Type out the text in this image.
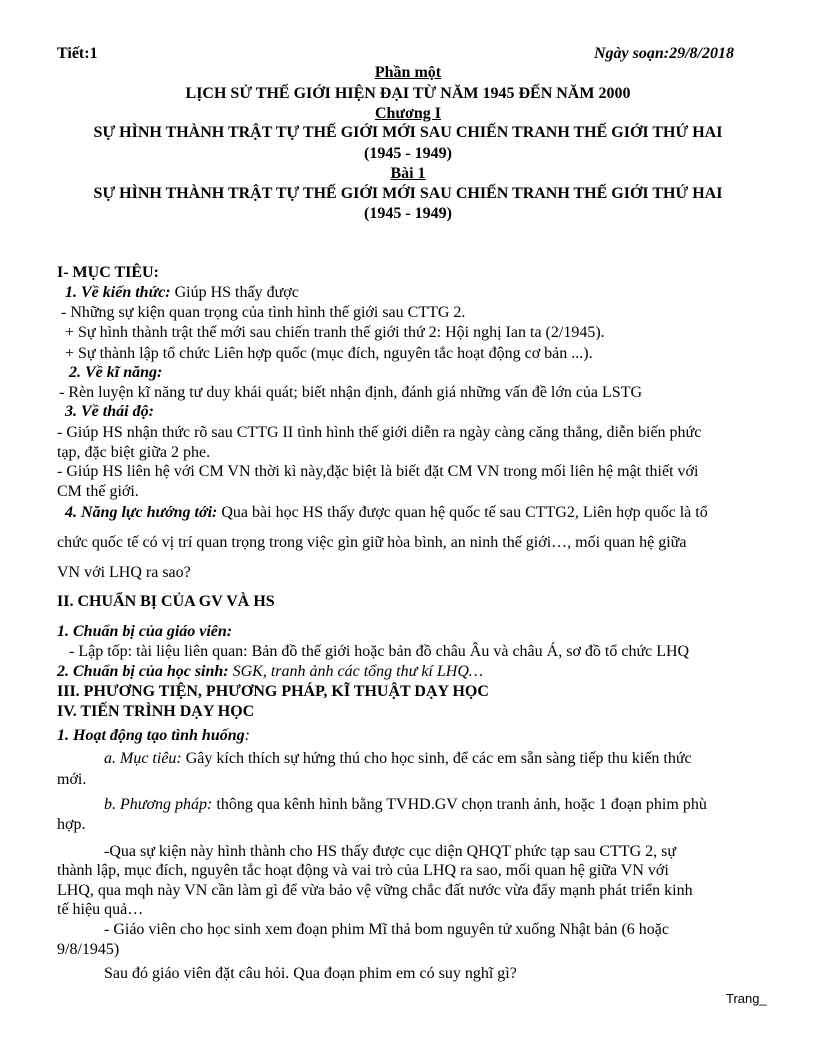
Tiết:1	Ngày soạn:29/8/2018
Phần một
LỊCH SỬ THẾ GIỚI HIỆN ĐẠI TỪ NĂM 1945 ĐẾN NĂM 2000
Chương I
SỰ HÌNH THÀNH TRẬT TỰ THẾ GIỚI MỚI SAU CHIẾN TRANH THẾ GIỚI THỨ HAI
(1945 - 1949)
Bài 1
SỰ HÌNH THÀNH TRẬT TỰ THẾ GIỚI MỚI SAU CHIẾN TRANH THẾ GIỚI THỨ HAI
(1945 - 1949)
I- MỤC TIÊU:
1. Về kiến thức: Giúp HS thấy được
- Những sự kiện quan trọng của tình hình thế giới sau CTTG 2.
+ Sự hình thành trật thế mới sau chiến tranh thế giới thứ 2: Hội nghị Ian ta (2/1945).
+ Sự thành lập tổ chức Liên hợp quốc (mục đích, nguyên tắc hoạt động cơ bản ...).
2. Về kĩ năng:
- Rèn luyện kĩ năng tư duy khái quát; biết nhận định, đánh giá những vấn đề lớn của LSTG
3. Về thái độ:
- Giúp HS nhận thức rõ sau CTTG II tình hình thế giới diễn ra ngày càng căng thẳng, diễn biến phức
tạp, đặc biệt giữa 2 phe.
- Giúp HS liên hệ với CM VN thời kì này,đặc biệt là biết đặt CM VN trong mối liên hệ mật thiết với
CM thế giới.
4. Năng lực hướng tới: Qua bài học HS thấy được quan hệ quốc tế sau CTTG2, Liên hợp quốc là tổ
chức quốc tế có vị trí quan trọng trong việc gìn giữ hòa bình, an ninh thế giới…, mối quan hệ giữa
VN với LHQ ra sao?
II. CHUẨN BỊ CỦA GV VÀ HS
1. Chuẩn bị của giáo viên:
- Lập tốp: tài liệu liên quan: Bản đồ thế giới hoặc bản đồ châu Âu và châu Á, sơ đồ tổ chức LHQ
2. Chuẩn bị của học sinh: SGK, tranh ảnh các tổng thư kí LHQ…
III. PHƯƠNG TIỆN, PHƯƠNG PHÁP, KĨ THUẬT DẠY HỌC
IV. TIẾN TRÌNH DẠY HỌC
1. Hoạt động tạo tình huống:
a. Mục tiêu: Gây kích thích sự hứng thú cho học sinh, để các em sẵn sàng tiếp thu kiến thức
mới.
b. Phương pháp: thông qua kênh hình bằng TVHD.GV chọn tranh ảnh, hoặc 1 đoạn phim phù
hợp.
-Qua sự kiện này hình thành cho HS thấy được cục diện QHQT phức tạp sau CTTG 2, sự
thành lập, mục đích, nguyên tắc hoạt động và vai trò của LHQ ra sao, mối quan hệ giữa VN với
LHQ, qua mqh này VN cần làm gì để vừa bảo vệ vững chắc đất nước vừa đẩy mạnh phát triển kinh
tế hiệu quả…
- Giáo viên cho học sinh xem đoạn phim Mĩ thả bom nguyên tử xuống Nhật bản (6 hoặc
9/8/1945)
Sau đó giáo viên đặt câu hỏi. Qua đoạn phim em có suy nghĩ gì?
Trang_
